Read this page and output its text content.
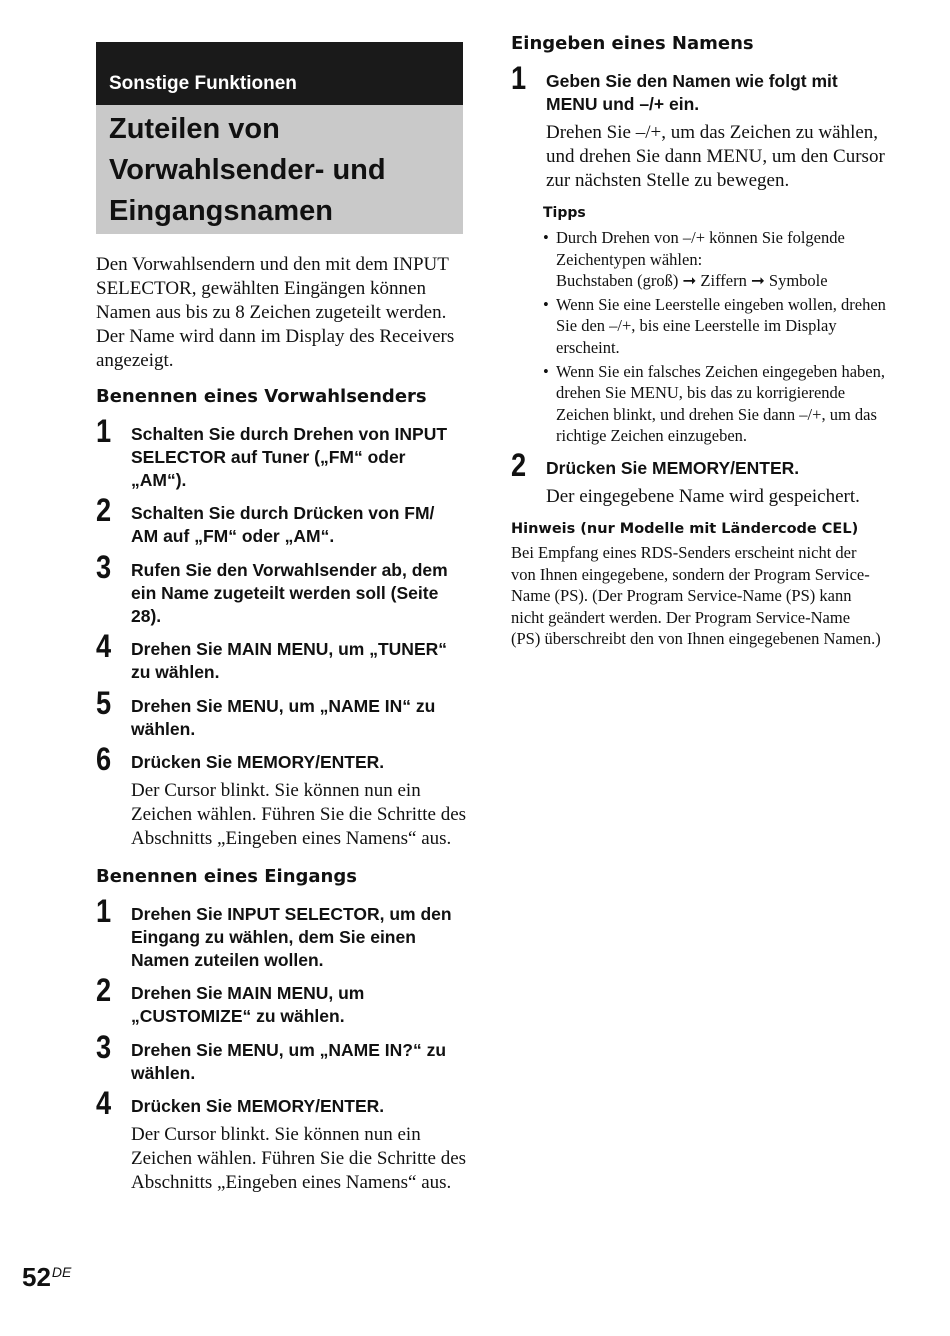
Sonstige Funktionen
Zuteilen von
Vorwahlsender- und
Eingangsnamen
Den Vorwahlsendern und den mit dem INPUT SELECTOR, gewählten Eingängen können Namen aus bis zu 8 Zeichen zugeteilt werden. Der Name wird dann im Display des Receivers angezeigt.
Benennen eines Vorwahlsenders
1 Schalten Sie durch Drehen von INPUT SELECTOR auf Tuner („FM“ oder „AM“).
2 Schalten Sie durch Drücken von FM/ AM auf „FM“ oder „AM“.
3 Rufen Sie den Vorwahlsender ab, dem ein Name zugeteilt werden soll (Seite 28).
4 Drehen Sie MAIN MENU, um „TUNER“ zu wählen.
5 Drehen Sie MENU, um „NAME IN“ zu wählen.
6 Drücken Sie MEMORY/ENTER.
Der Cursor blinkt. Sie können nun ein Zeichen wählen. Führen Sie die Schritte des Abschnitts „Eingeben eines Namens“ aus.
Benennen eines Eingangs
1 Drehen Sie INPUT SELECTOR, um den Eingang zu wählen, dem Sie einen Namen zuteilen wollen.
2 Drehen Sie MAIN MENU, um „CUSTOMIZE“ zu wählen.
3 Drehen Sie MENU, um „NAME IN?“ zu wählen.
4 Drücken Sie MEMORY/ENTER.
Der Cursor blinkt. Sie können nun ein Zeichen wählen. Führen Sie die Schritte des Abschnitts „Eingeben eines Namens“ aus.
Eingeben eines Namens
1 Geben Sie den Namen wie folgt mit MENU und –/+ ein.
Drehen Sie –/+, um das Zeichen zu wählen, und drehen Sie dann MENU, um den Cursor zur nächsten Stelle zu bewegen.
Tipps
• Durch Drehen von –/+ können Sie folgende Zeichentypen wählen:
Buchstaben (groß) ➞ Ziffern ➞ Symbole
• Wenn Sie eine Leerstelle eingeben wollen, drehen Sie den –/+, bis eine Leerstelle im Display erscheint.
• Wenn Sie ein falsches Zeichen eingegeben haben, drehen Sie MENU, bis das zu korrigierende Zeichen blinkt, und drehen Sie dann –/+, um das richtige Zeichen einzugeben.
2 Drücken Sie MEMORY/ENTER.
Der eingegebene Name wird gespeichert.
Hinweis (nur Modelle mit Ländercode CEL)
Bei Empfang eines RDS-Senders erscheint nicht der von Ihnen eingegebene, sondern der Program Service-Name (PS). (Der Program Service-Name (PS) kann nicht geändert werden. Der Program Service-Name (PS) überschreibt den von Ihnen eingegebenen Namen.)
52DE
